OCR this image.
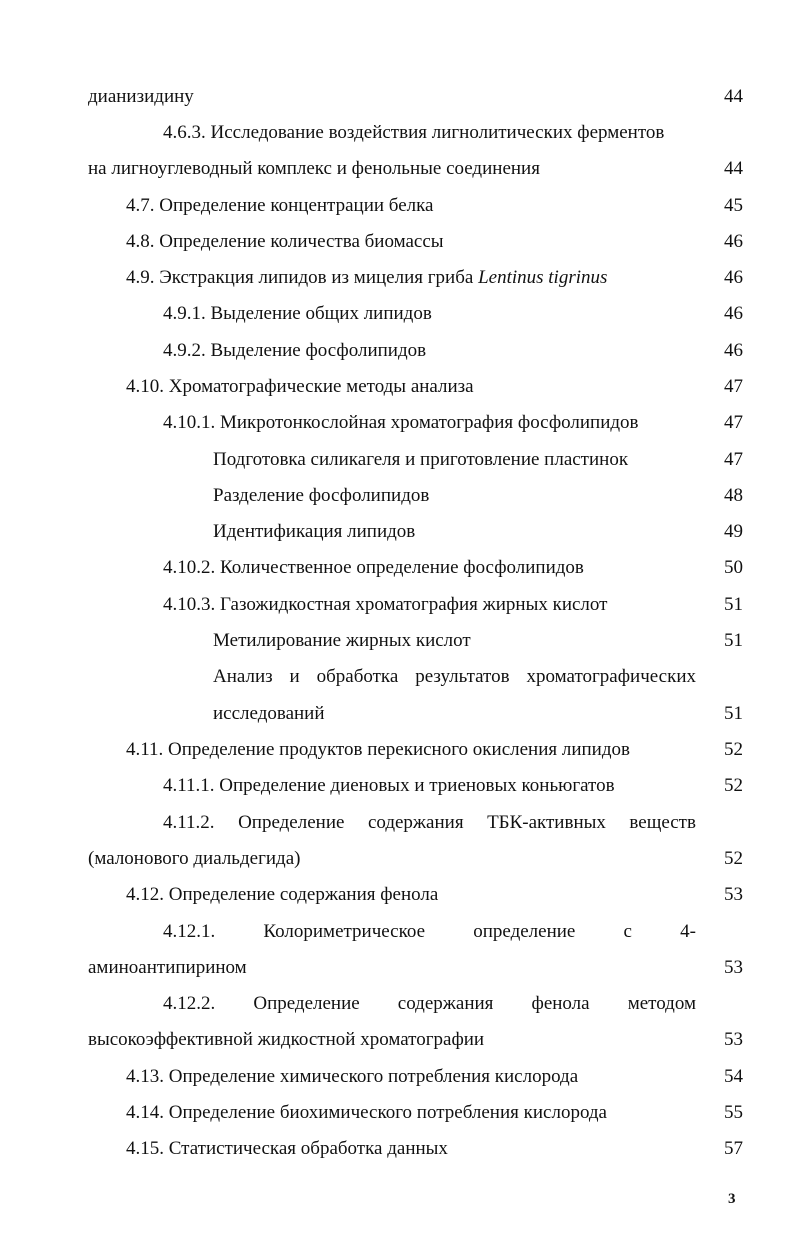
дианизидину	44
4.6.3. Исследование воздействия лигнолитических ферментов
на лигноуглеводный комплекс и фенольные соединения	44
4.7. Определение концентрации белка	45
4.8. Определение количества биомассы	46
4.9. Экстракция липидов из мицелия гриба Lentinus tigrinus	46
4.9.1. Выделение общих липидов	46
4.9.2. Выделение фосфолипидов	46
4.10. Хроматографические методы анализа	47
4.10.1. Микротонкослойная хроматография фосфолипидов	47
Подготовка силикагеля и приготовление пластинок	47
Разделение фосфолипидов	48
Идентификация липидов	49
4.10.2. Количественное определение фосфолипидов	50
4.10.3. Газожидкостная хроматография жирных кислот	51
Метилирование жирных кислот	51
Анализ и обработка результатов хроматографических
исследований	51
4.11. Определение продуктов перекисного окисления липидов	52
4.11.1. Определение диеновых и триеновых коньюгатов	52
4.11.2. Определение содержания ТБК-активных веществ
(малонового диальдегида)	52
4.12. Определение содержания фенола	53
4.12.1.	Колориметрическое	определение	с	4-
аминоантипирином	53
4.12.2. Определение содержания фенола методом
высокоэффективной жидкостной хроматографии	53
4.13. Определение химического потребления кислорода	54
4.14. Определение биохимического потребления кислорода	55
4.15. Статистическая обработка данных	57
3
